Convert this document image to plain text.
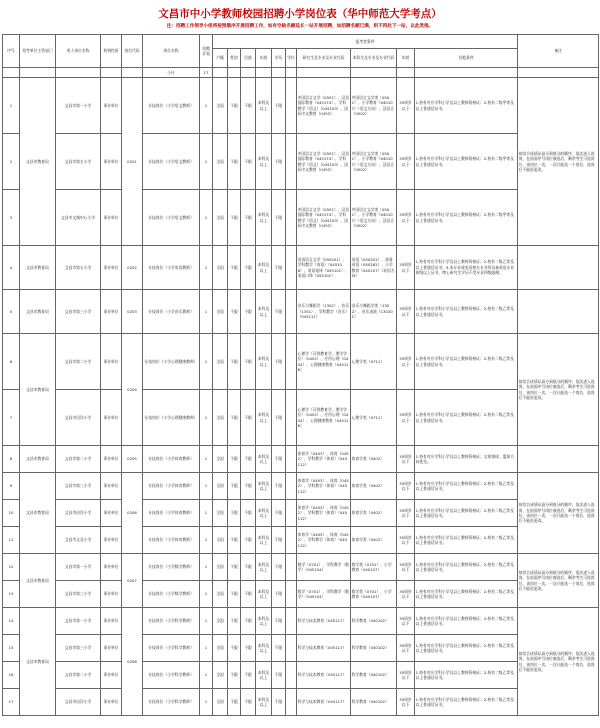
文昌市中小学教师校园招聘小学岗位表（华中师范大学考点）
注：招聘工作领导小组将按照顺序开展招聘工作，如有空缺名额延长一站开展招聘，如招聘名额已满，则不再赴下一站，以此类推。
序号	招考单位主管部门	用人单位名称	机构性质	岗位代码	岗位名称	招聘计划	报考者条件										备注
							户籍	性别	民族	年龄	学历	学位	研究生及专业及专业代码	本科生及专业及专业代码	年龄	其他条件	
					小计	17											
1	文昌市教育局	文昌市第一小学	事业单位	0201	专技岗位（小学语文教师）	1	全国	不限	不限	本科及以上	不限		中国语言文学（0501）、汉语国际教育（045174）、学科教学（语文）（045103）、国际中文教育（0453）	中国语言文学类（0501）、小学教育（040107）（语文方向）、汉语言（0502）	35周岁以下	1.持有对应学科小学及以上教师资格证；2.持有二级甲等及以上普通话证书。	按综合成绩从高分到低分的顺序，依次进入选岗，在前面序号岗位被选后，剩余考生可选岗位，该岗位一次，一次只能选一个岗位，选岗后不能再更改。
2		文昌市第五小学	事业单位		专技岗位（小学语文教师）	1	全国	不限	不限	本科及以上	不限		中国语言文学（0501）、汉语国际教育（045174）、学科教学（语文）（045103）、国际中文教育（0453）	中国语言文学类（0501）、小学教育（040107）（语文方向）、汉语言（0502）	35周岁以下	1.持有对应学科小学及以上教师资格证；2.持有二级甲等及以上普通话证书。	
3		文昌市文城中心小学	事业单位		专技岗位（小学语文教师）	1	全国	不限	不限	本科及以上	不限		中国语言文学（0501）、汉语国际教育（045174）、学科教学（语文）（045103）、国际中文教育（0453）	中国语言文学类（0501）、小学教育（040107）（语文方向）、汉语言（0502）	35周岁以下	1.持有对应学科小学及以上教师资格证；2.持有二级甲等及以上普通话证书。	
4	文昌市教育局	文昌市第五小学	事业单位	0202	专技岗位（小学英语教师）	1	全国	不限	不限	本科及以上	不限		英语语言文学（050201）、学科教学（英语）（045108）、英语笔译（055101）、英语口译（055102）	英语（050201）、商务英语（050262）、小学教育（040107）（英语方向）	35周岁以下	1.持有对应学科小学及以上教师资格证；2.持有二级乙等及以上普通话证书；3.本专业或英语相关专业须具备英语专业四级以上证书，博士研究生学历不受专业四级限制。	
5	文昌市教育局	文昌市第三小学	事业单位	0203	专技岗位（小学音乐教师）	1	全国	不限	不限	本科及以上	不限		音乐与舞蹈学（1302）、音乐（1351）、学科教学（音乐）（045111）	音乐与舞蹈学类（1302）、音乐表演（130201）	35周岁以下	1.持有对应学科小学及以上教师资格证；2.持有二级乙等及以上普通话证书。	
6	文昌市教育局	文昌市第二小学	事业单位	0204	专技岗位（小学心理健康教师）	1	全国	不限	不限	本科及以上	不限		心理学（可授教育学、理学学位）（0402）、应用心理（0454）、心理健康教育（045116）	心理学类（0711）	35周岁以下	1.持有对应学科小学及以上教师资格证；2.持有二级乙等及以上普通话证书。	按综合成绩从高分到低分的顺序，依次进入选岗，在前面序号岗位被选后，剩余考生可选岗位，该岗位一次，一次只能选一个岗位，选岗后不能再更改。
7		文昌市田洋小学	事业单位		专技岗位（小学心理健康教师）	1	全国	不限	不限	本科及以上	不限		心理学（可授教育学、理学学位）（0402）、应用心理（0454）、心理健康教育（045116）	心理学类（0711）	35周岁以下	1.持有对应学科小学及以上教师资格证；2.持有二级乙等及以上普通话证书。	
8	文昌市教育局	文昌市第二小学	事业单位	0205	专技岗位（小学体育教师）	1	全国	不限	不限	本科及以上	不限		体育学（0403）、体育（0452）、学科教学（体育）（045112）	体育学类（0402）	35周岁以下	1.持有对应学科小学及以上教师资格证；全球排球、篮球方向优先。	
9	文昌市教育局	文昌市第三小学	事业单位	0206	专技岗位（小学体育教师）	1	全国	不限	不限	本科及以上	不限		体育学（0403）、体育（0452）、学科教学（体育）（045112）	体育学类（0402）	35周岁以下	1.持有对应学科小学及以上教师资格证；2.持有二级乙等及以上普通话证书。	按综合成绩从高分到低分的顺序，依次进入选岗，在前面序号岗位被选后，剩余考生可选岗位，该岗位一次，一次只能选一个岗位，选岗后不能再更改。
10		文昌市田洋小学	事业单位		专技岗位（小学体育教师）	1	全国	不限	不限	本科及以上	不限		体育学（0403）、体育（0452）、学科教学（体育）（045112）	体育学类（0402）	35周岁以下	1.持有对应学科小学及以上教师资格证；2.持有二级乙等及以上普通话证书。	
11		文昌市文北小学	事业单位		专技岗位（小学体育教师）	1	全国	不限	不限	本科及以上	不限		体育学（0403）、体育（0452）、学科教学（体育）（045112）	体育学类（0402）	35周岁以下	1.持有对应学科小学及以上教师资格证；2.持有二级乙等及以上普通话证书。	
12	文昌市教育局	文昌市第一小学	事业单位	0207	专技岗位（小学数学教师）	1	全国	不限	不限	本科及以上	不限		数学（0701）、学科教学（数学）（045104）	数学类（0701）、小学教育（040107）	35周岁以下	1.持有对应学科小学及以上教师资格证；2.持有二级乙等及以上普通话证书。	按综合成绩从高分到低分的顺序，依次进入选岗，在前面序号岗位被选后，剩余考生可选岗位，该岗位一次，一次只能选一个岗位，选岗后不能再更改。
13		文昌市第三小学	事业单位		专技岗位（小学数学教师）	1	全国	不限	不限	本科及以上	不限		数学（0701）、学科教学（数学）（045104）	数学类（0701）、小学教育（040107）	35周岁以下	1.持有对应学科小学及以上教师资格证；2.持有二级乙等及以上普通话证书。	
14	文昌市教育局	文昌市第一小学	事业单位	0208	专技岗位（小学科学教师）	1	全国	不限	不限	本科及以上	不限		科学与技术教育（045117）	科学教育（040102）	35周岁以下	1.持有对应学科小学及以上教师资格证；2.持有二级乙等及以上普通话证书。	按综合成绩从高分到低分的顺序，依次进入选岗，在前面序号岗位被选后，剩余考生可选岗位，该岗位一次，一次只能选一个岗位，选岗后不能再更改。
15		文昌市第三小学	事业单位		专技岗位（小学科学教师）	1	全国	不限	不限	本科及以上	不限		科学与技术教育（045117）	科学教育（040102）	35周岁以下	1.持有对应学科小学及以上教师资格证；2.持有二级乙等及以上普通话证书。	
16		文昌市第二小学	事业单位		专技岗位（小学科学教师）	1	全国	不限	不限	本科及以上	不限		科学与技术教育（045117）	科学教育（040102）	35周岁以下	1.持有对应学科小学及以上教师资格证；2.持有二级乙等及以上普通话证书。	
17		文昌市田洋小学	事业单位		专技岗位（小学科学教师）	1	全国	不限	不限	本科及以上	不限		科学与技术教育（045117）	科学教育（040102）	35周岁以下	1.持有对应学科小学及以上教师资格证；2.持有二级乙等及以上普通话证书。	
